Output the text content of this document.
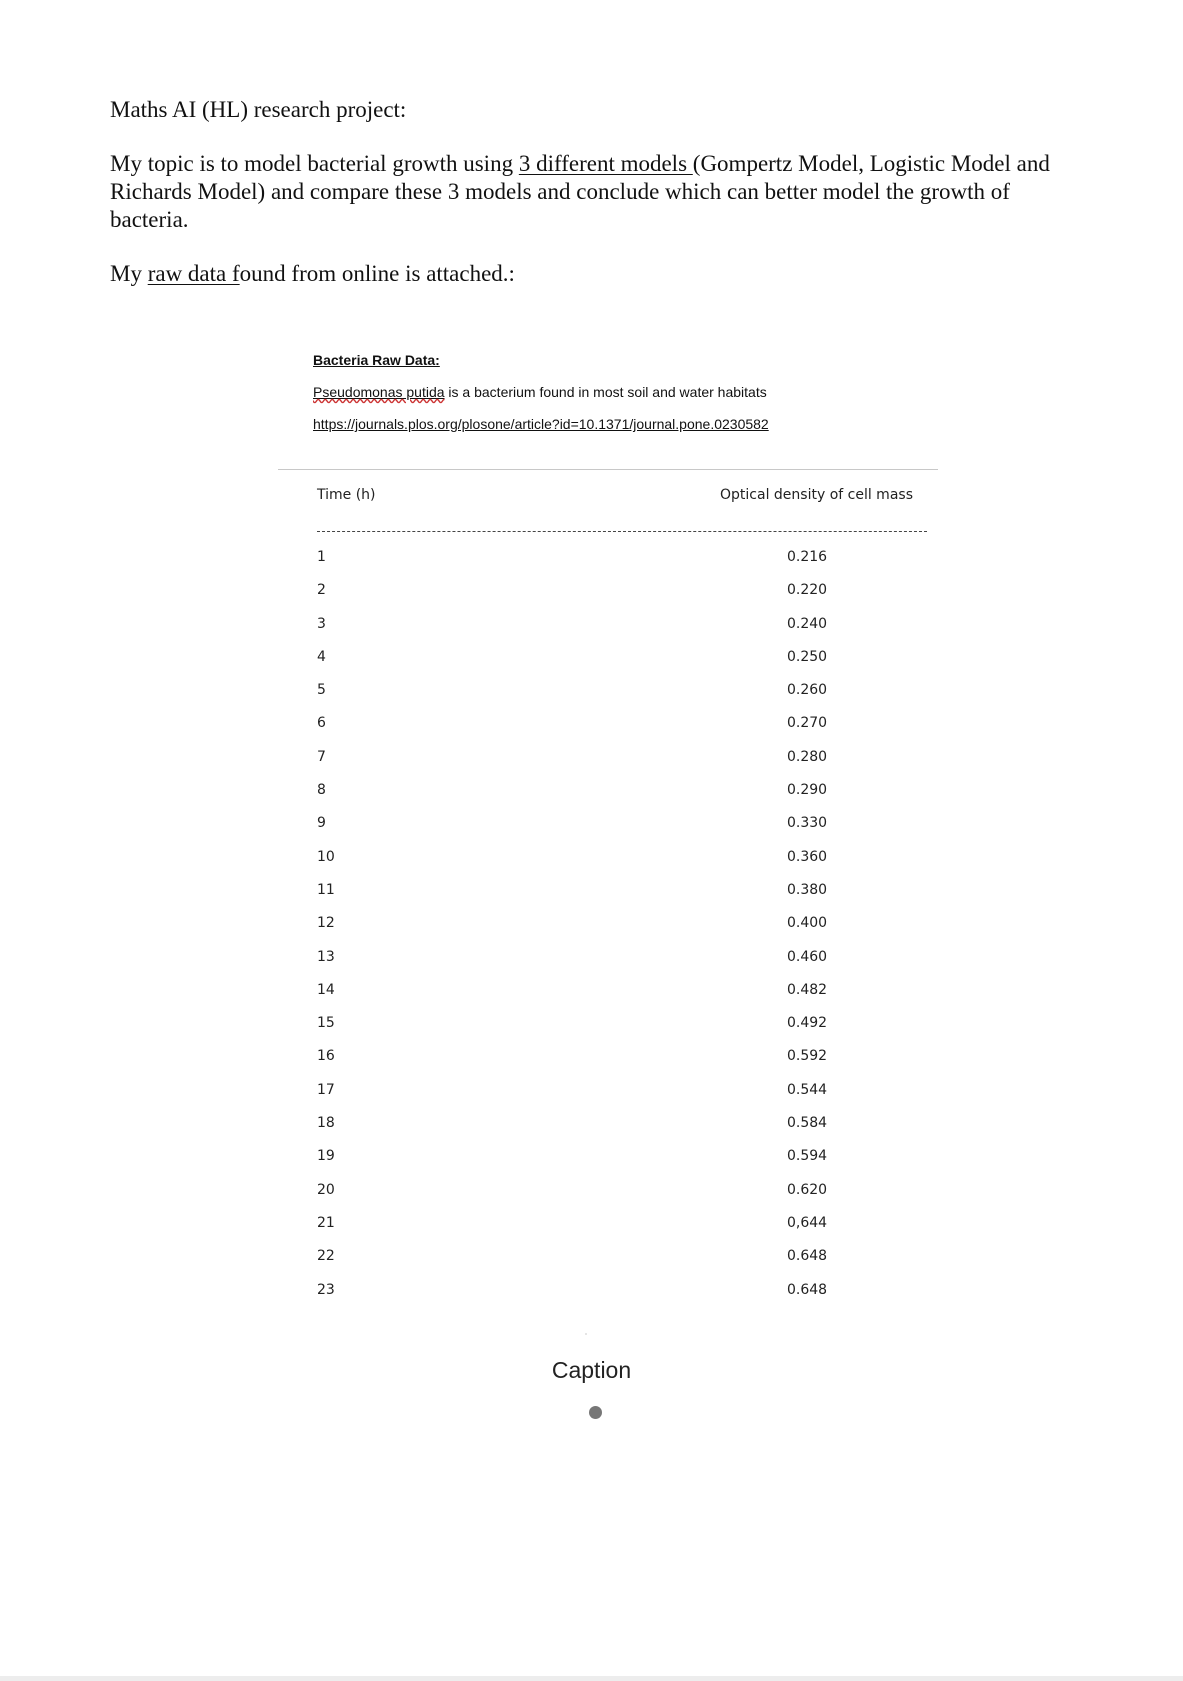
Maths AI (HL) research project:

My topic is to model bacterial growth using 3 different models (Gompertz Model, Logistic Model and Richards Model) and compare these 3 models and conclude which can better model the growth of bacteria.

My raw data found from online is attached.:

Bacteria Raw Data:

Pseudomonas putida is a bacterium found in most soil and water habitats

https://journals.plos.org/plosone/article?id=10.1371/journal.pone.0230582

Time (h)	Optical density of cell mass
1	0.216
2	0.220
3	0.240
4	0.250
5	0.260
6	0.270
7	0.280
8	0.290
9	0.330
10	0.360
11	0.380
12	0.400
13	0.460
14	0.482
15	0.492
16	0.592
17	0.544
18	0.584
19	0.594
20	0.620
21	0,644
22	0.648
23	0.648
Caption
